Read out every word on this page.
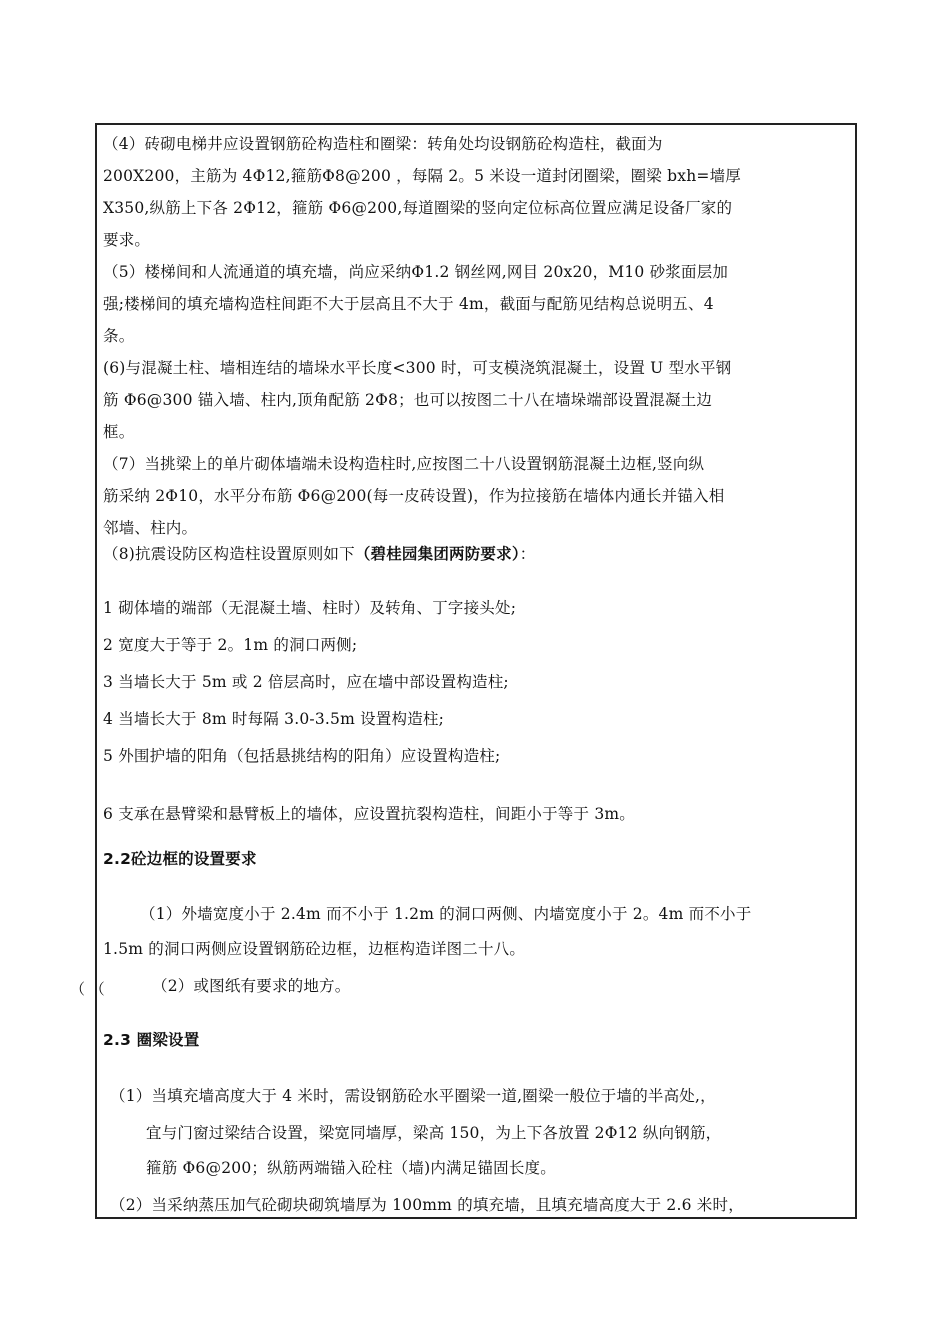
（4）砖砌电梯井应设置钢筋砼构造柱和圈梁：转角处均设钢筋砼构造柱，截面为
200X200，主筋为 4Φ12,箍筋Φ8@200 ，每隔 2。5 米设一道封闭圈梁，圈梁 bxh=墙厚
X350,纵筋上下各 2Φ12，箍筋 Φ6@200,每道圈梁的竖向定位标高位置应满足设备厂家的
要求。
（5）楼梯间和人流通道的填充墙，尚应采纳Φ1.2 钢丝网,网目 20x20，M10 砂浆面层加
强;楼梯间的填充墙构造柱间距不大于层高且不大于 4m，截面与配筋见结构总说明五、4
条。
(6)与混凝土柱、墙相连结的墙垛水平长度<300 时，可支模浇筑混凝土，设置 U 型水平钢
筋 Φ6@300 锚入墙、柱内,顶角配筋 2Φ8；也可以按图二十八在墙垛端部设置混凝土边
框。
（7）当挑梁上的单片砌体墙端未设构造柱时,应按图二十八设置钢筋混凝土边框,竖向纵
筋采纳 2Φ10，水平分布筋 Φ6@200(每一皮砖设置)，作为拉接筋在墙体内通长并锚入相
邻墙、柱内。
（8)抗震设防区构造柱设置原则如下（碧桂园集团两防要求）：
1 砌体墙的端部（无混凝土墙、柱时）及转角、丁字接头处;
2 宽度大于等于 2。1m 的洞口两侧;
3 当墙长大于 5m 或 2 倍层高时，应在墙中部设置构造柱;
4 当墙长大于 8m 时每隔 3.0-3.5m 设置构造柱;
5 外围护墙的阳角（包括悬挑结构的阳角）应设置构造柱;
6 支承在悬臂梁和悬臂板上的墙体，应设置抗裂构造柱，间距小于等于 3m。
2.2砼边框的设置要求
（1）外墙宽度小于 2.4m 而不小于 1.2m 的洞口两侧、内墙宽度小于 2。4m 而不小于
1.5m 的洞口两侧应设置钢筋砼边框，边框构造详图二十八。
（ （	（2）或图纸有要求的地方。
2.3 圈梁设置
（1）当填充墙高度大于 4 米时，需设钢筋砼水平圈梁一道,圈梁一般位于墙的半高处,，
宜与门窗过梁结合设置，梁宽同墙厚，梁高 150，为上下各放置 2Φ12 纵向钢筋，
箍筋 Φ6@200；纵筋两端锚入砼柱（墙)内满足锚固长度。
（2）当采纳蒸压加气砼砌块砌筑墙厚为 100mm 的填充墙，且填充墙高度大于 2.6 米时，
